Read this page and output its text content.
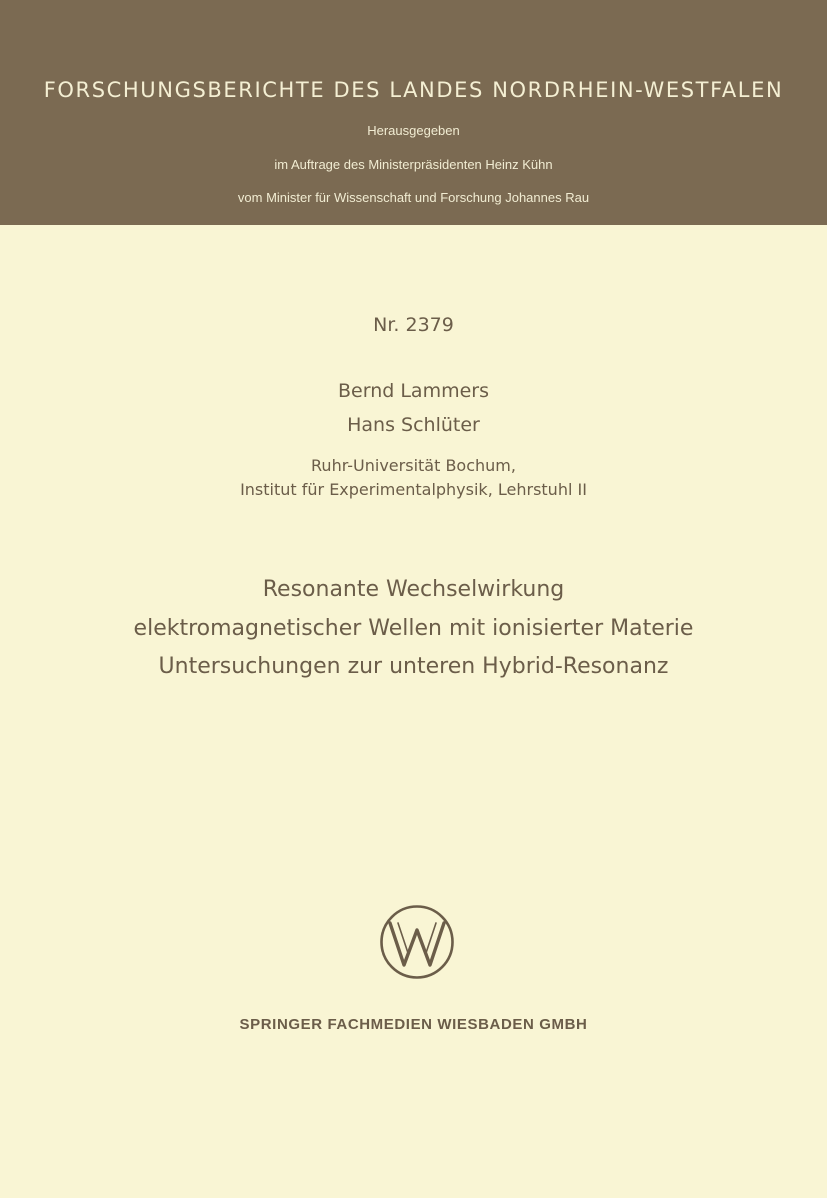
FORSCHUNGSBERICHTE DES LANDES NORDRHEIN-WESTFALEN
Herausgegeben
im Auftrage des Ministerpräsidenten Heinz Kühn
vom Minister für Wissenschaft und Forschung Johannes Rau
Nr. 2379
Bernd Lammers
Hans Schlüter
Ruhr-Universität Bochum,
Institut für Experimentalphysik, Lehrstuhl II
Resonante Wechselwirkung
elektromagnetischer Wellen mit ionisierter Materie
Untersuchungen zur unteren Hybrid-Resonanz
SPRINGER FACHMEDIEN WIESBADEN GMBH
